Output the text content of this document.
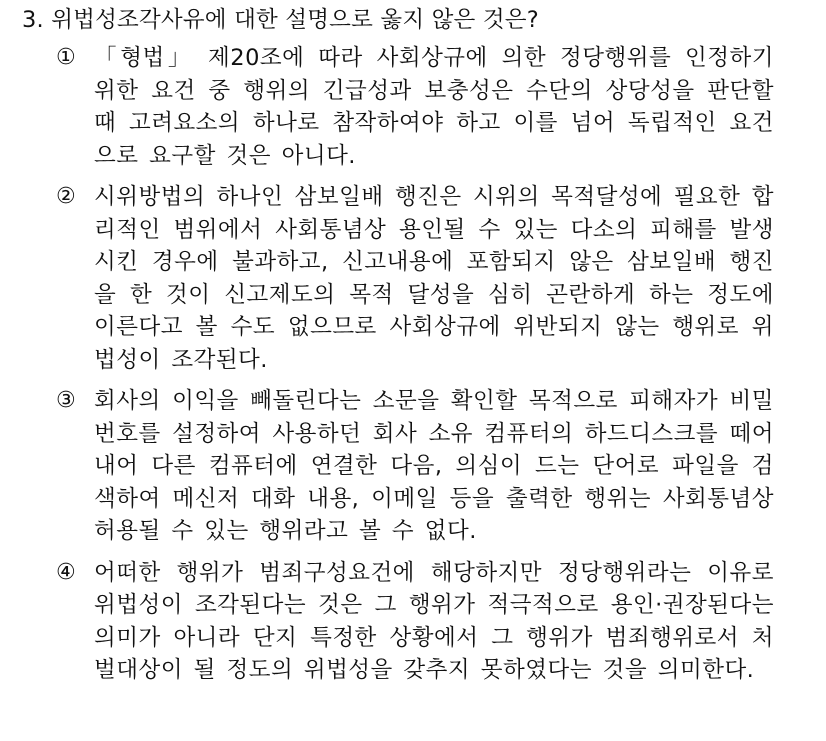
3. 위법성조각사유에 대한 설명으로 옳지 않은 것은?
① 「형법」 제20조에 따라 사회상규에 의한 정당행위를 인정하기 위한 요건 중 행위의 긴급성과 보충성은 수단의 상당성을 판단할 때 고려요소의 하나로 참작하여야 하고 이를 넘어 독립적인 요건으로 요구할 것은 아니다.
② 시위방법의 하나인 삼보일배 행진은 시위의 목적달성에 필요한 합리적인 범위에서 사회통념상 용인될 수 있는 다소의 피해를 발생시킨 경우에 불과하고, 신고내용에 포함되지 않은 삼보일배 행진을 한 것이 신고제도의 목적 달성을 심히 곤란하게 하는 정도에 이른다고 볼 수도 없으므로 사회상규에 위반되지 않는 행위로 위법성이 조각된다.
③ 회사의 이익을 빼돌린다는 소문을 확인할 목적으로 피해자가 비밀번호를 설정하여 사용하던 회사 소유 컴퓨터의 하드디스크를 떼어내어 다른 컴퓨터에 연결한 다음, 의심이 드는 단어로 파일을 검색하여 메신저 대화 내용, 이메일 등을 출력한 행위는 사회통념상 허용될 수 있는 행위라고 볼 수 없다.
④ 어떠한 행위가 범죄구성요건에 해당하지만 정당행위라는 이유로 위법성이 조각된다는 것은 그 행위가 적극적으로 용인·권장된다는 의미가 아니라 단지 특정한 상황에서 그 행위가 범죄행위로서 처벌대상이 될 정도의 위법성을 갖추지 못하였다는 것을 의미한다.
